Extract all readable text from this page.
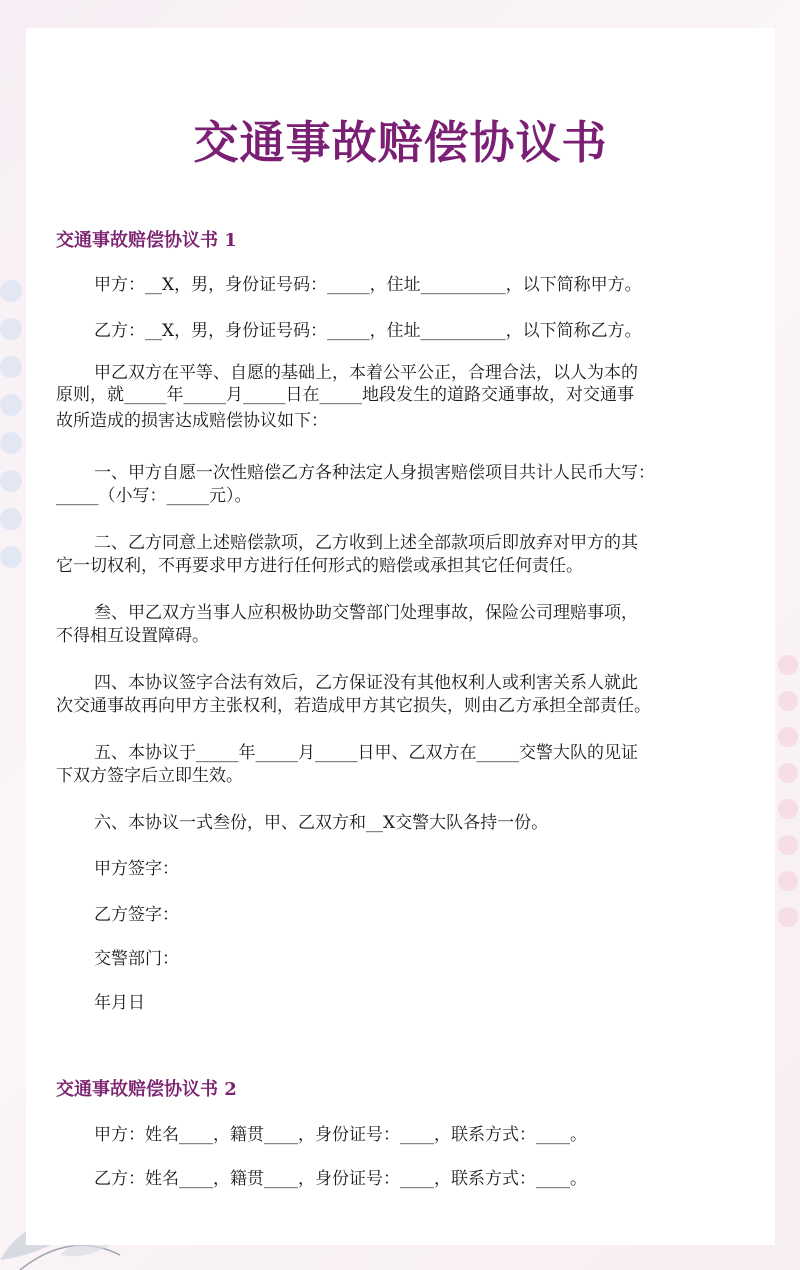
交通事故赔偿协议书
交通事故赔偿协议书 1
甲方：__X，男，身份证号码：_____，住址__________，以下简称甲方。
乙方：__X，男，身份证号码：_____，住址__________，以下简称乙方。
甲乙双方在平等、自愿的基础上，本着公平公正，合理合法，以人为本的
原则，就_____年_____月_____日在_____地段发生的道路交通事故，对交通事
故所造成的损害达成赔偿协议如下：
一、甲方自愿一次性赔偿乙方各种法定人身损害赔偿项目共计人民币大写：
_____（小写：_____元）。
二、乙方同意上述赔偿款项，乙方收到上述全部款项后即放弃对甲方的其
它一切权利，不再要求甲方进行任何形式的赔偿或承担其它任何责任。
叁、甲乙双方当事人应积极协助交警部门处理事故，保险公司理赔事项，
不得相互设置障碍。
四、本协议签字合法有效后，乙方保证没有其他权利人或利害关系人就此
次交通事故再向甲方主张权利，若造成甲方其它损失，则由乙方承担全部责任。
五、本协议于_____年_____月_____日甲、乙双方在_____交警大队的见证
下双方签字后立即生效。
六、本协议一式叁份，甲、乙双方和__X交警大队各持一份。
甲方签字：
乙方签字：
交警部门：
年月日
交通事故赔偿协议书 2
甲方：姓名____，籍贯____，身份证号：____，联系方式：____。
乙方：姓名____，籍贯____，身份证号：____，联系方式：____。
